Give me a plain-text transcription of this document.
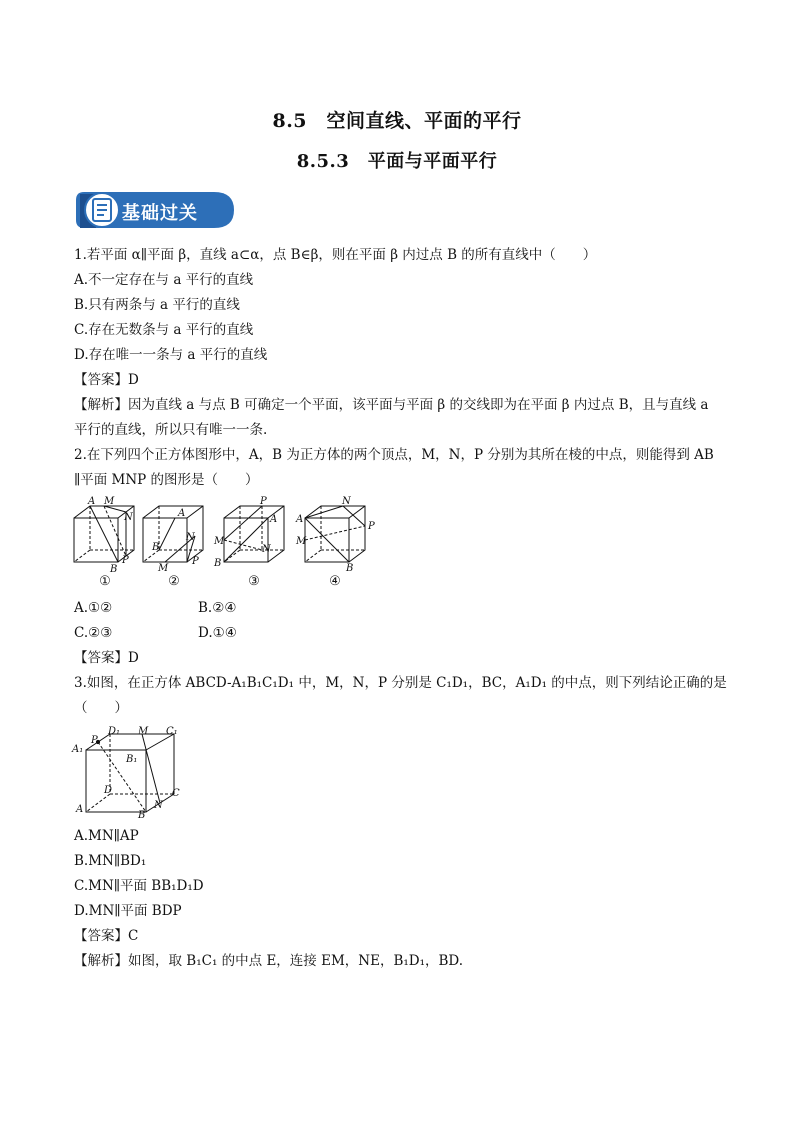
8.5　空间直线、平面的平行
8.5.3　平面与平面平行
基础过关
1.若平面 α∥平面 β，直线 a⊂α，点 B∈β，则在平面 β 内过点 B 的所有直线中（　　）
A.不一定存在与 a 平行的直线
B.只有两条与 a 平行的直线
C.存在无数条与 a 平行的直线
D.存在唯一一条与 a 平行的直线
【答案】D
【解析】因为直线 a 与点 B 可确定一个平面，该平面与平面 β 的交线即为在平面 β 内过点 B，且与直线 a
平行的直线，所以只有唯一一条.
2.在下列四个正方体图形中，A，B 为正方体的两个顶点，M，N，P 分别为其所在棱的中点，则能得到 AB
∥平面 MNP 的图形是（　　）
A M
N
B
P
①
A
B
N
M
P
②
P
A
M
N
B
③
N
A
P
M
B
④
A.①②	B.②④
C.②③	D.①④
【答案】D
3.如图，在正方体 ABCD-A₁B₁C₁D₁ 中，M，N，P 分别是 C₁D₁，BC，A₁D₁ 的中点，则下列结论正确的是
（　　）
P
D₁ M C₁
A₁
B₁
D	C
A
B
N
A.MN∥AP
B.MN∥BD₁
C.MN∥平面 BB₁D₁D
D.MN∥平面 BDP
【答案】C
【解析】如图，取 B₁C₁ 的中点 E，连接 EM，NE，B₁D₁，BD.
